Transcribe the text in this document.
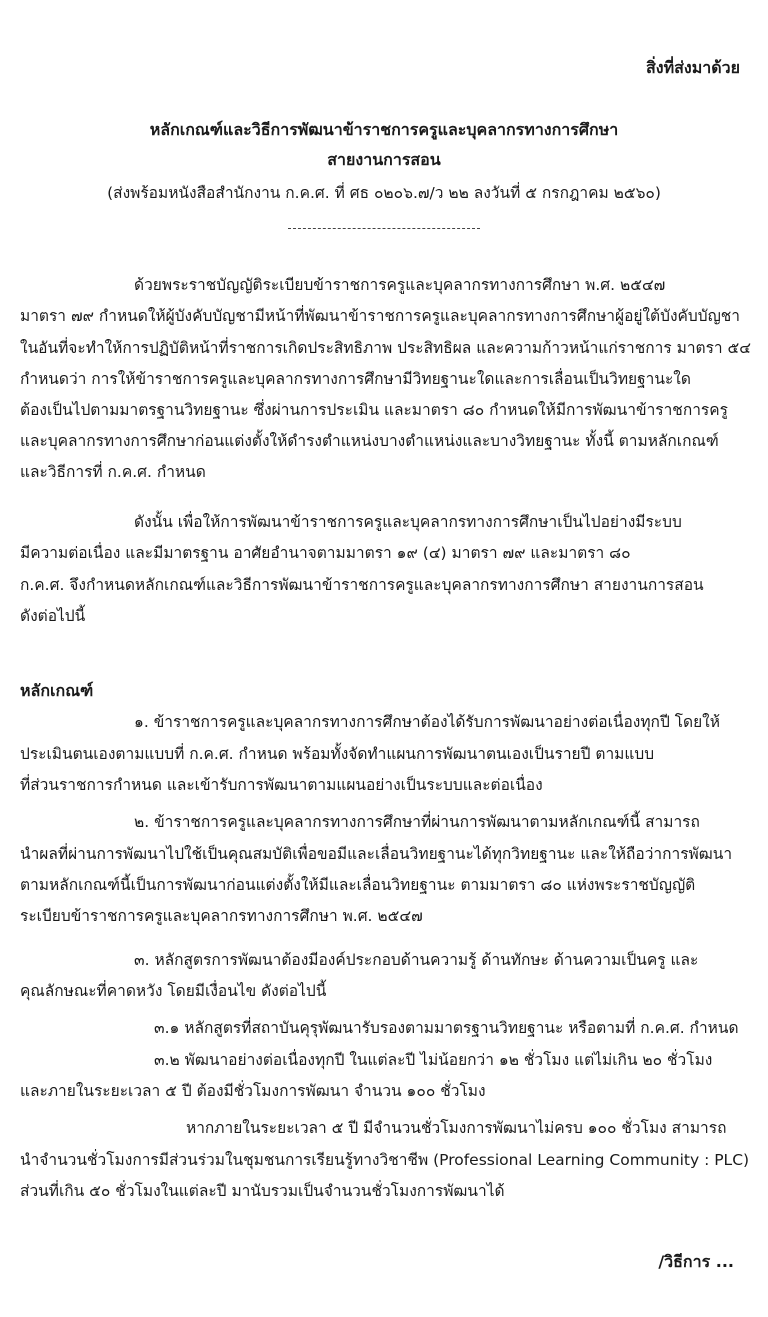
สิ่งที่ส่งมาด้วย
หลักเกณฑ์และวิธีการพัฒนาข้าราชการครูและบุคลากรทางการศึกษา
สายงานการสอน
(ส่งพร้อมหนังสือสำนักงาน ก.ค.ศ. ที่ ศธ ๐๒๐๖.๗/ว ๒๒ ลงวันที่ ๕ กรกฎาคม ๒๕๖๐)
ด้วยพระราชบัญญัติระเบียบข้าราชการครูและบุคลากรทางการศึกษา พ.ศ. ๒๕๔๗
มาตรา ๗๙ กำหนดให้ผู้บังคับบัญชามีหน้าที่พัฒนาข้าราชการครูและบุคลากรทางการศึกษาผู้อยู่ใต้บังคับบัญชา
ในอันที่จะทำให้การปฏิบัติหน้าที่ราชการเกิดประสิทธิภาพ ประสิทธิผล และความก้าวหน้าแก่ราชการ มาตรา ๕๔
กำหนดว่า การให้ข้าราชการครูและบุคลากรทางการศึกษามีวิทยฐานะใดและการเลื่อนเป็นวิทยฐานะใด
ต้องเป็นไปตามมาตรฐานวิทยฐานะ ซึ่งผ่านการประเมิน และมาตรา ๘๐ กำหนดให้มีการพัฒนาข้าราชการครู
และบุคลากรทางการศึกษาก่อนแต่งตั้งให้ดำรงตำแหน่งบางตำแหน่งและบางวิทยฐานะ ทั้งนี้ ตามหลักเกณฑ์
และวิธีการที่ ก.ค.ศ. กำหนด
ดังนั้น เพื่อให้การพัฒนาข้าราชการครูและบุคลากรทางการศึกษาเป็นไปอย่างมีระบบ
มีความต่อเนื่อง และมีมาตรฐาน อาศัยอำนาจตามมาตรา ๑๙ (๔) มาตรา ๗๙ และมาตรา ๘๐
ก.ค.ศ. จึงกำหนดหลักเกณฑ์และวิธีการพัฒนาข้าราชการครูและบุคลากรทางการศึกษา สายงานการสอน
ดังต่อไปนี้
หลักเกณฑ์
๑. ข้าราชการครูและบุคลากรทางการศึกษาต้องได้รับการพัฒนาอย่างต่อเนื่องทุกปี โดยให้
ประเมินตนเองตามแบบที่ ก.ค.ศ. กำหนด พร้อมทั้งจัดทำแผนการพัฒนาตนเองเป็นรายปี ตามแบบ
ที่ส่วนราชการกำหนด และเข้ารับการพัฒนาตามแผนอย่างเป็นระบบและต่อเนื่อง
๒. ข้าราชการครูและบุคลากรทางการศึกษาที่ผ่านการพัฒนาตามหลักเกณฑ์นี้ สามารถ
นำผลที่ผ่านการพัฒนาไปใช้เป็นคุณสมบัติเพื่อขอมีและเลื่อนวิทยฐานะได้ทุกวิทยฐานะ และให้ถือว่าการพัฒนา
ตามหลักเกณฑ์นี้เป็นการพัฒนาก่อนแต่งตั้งให้มีและเลื่อนวิทยฐานะ ตามมาตรา ๘๐ แห่งพระราชบัญญัติ
ระเบียบข้าราชการครูและบุคลากรทางการศึกษา พ.ศ. ๒๕๔๗
๓. หลักสูตรการพัฒนาต้องมีองค์ประกอบด้านความรู้ ด้านทักษะ ด้านความเป็นครู และ
คุณลักษณะที่คาดหวัง โดยมีเงื่อนไข ดังต่อไปนี้
๓.๑ หลักสูตรที่สถาบันคุรุพัฒนารับรองตามมาตรฐานวิทยฐานะ หรือตามที่ ก.ค.ศ. กำหนด
๓.๒ พัฒนาอย่างต่อเนื่องทุกปี ในแต่ละปี ไม่น้อยกว่า ๑๒ ชั่วโมง แต่ไม่เกิน ๒๐ ชั่วโมง
และภายในระยะเวลา ๕ ปี ต้องมีชั่วโมงการพัฒนา จำนวน ๑๐๐ ชั่วโมง
หากภายในระยะเวลา ๕ ปี มีจำนวนชั่วโมงการพัฒนาไม่ครบ ๑๐๐ ชั่วโมง สามารถ
นำจำนวนชั่วโมงการมีส่วนร่วมในชุมชนการเรียนรู้ทางวิชาชีพ (Professional Learning Community : PLC)
ส่วนที่เกิน ๕๐ ชั่วโมงในแต่ละปี มานับรวมเป็นจำนวนชั่วโมงการพัฒนาได้
/วิธีการ ...
